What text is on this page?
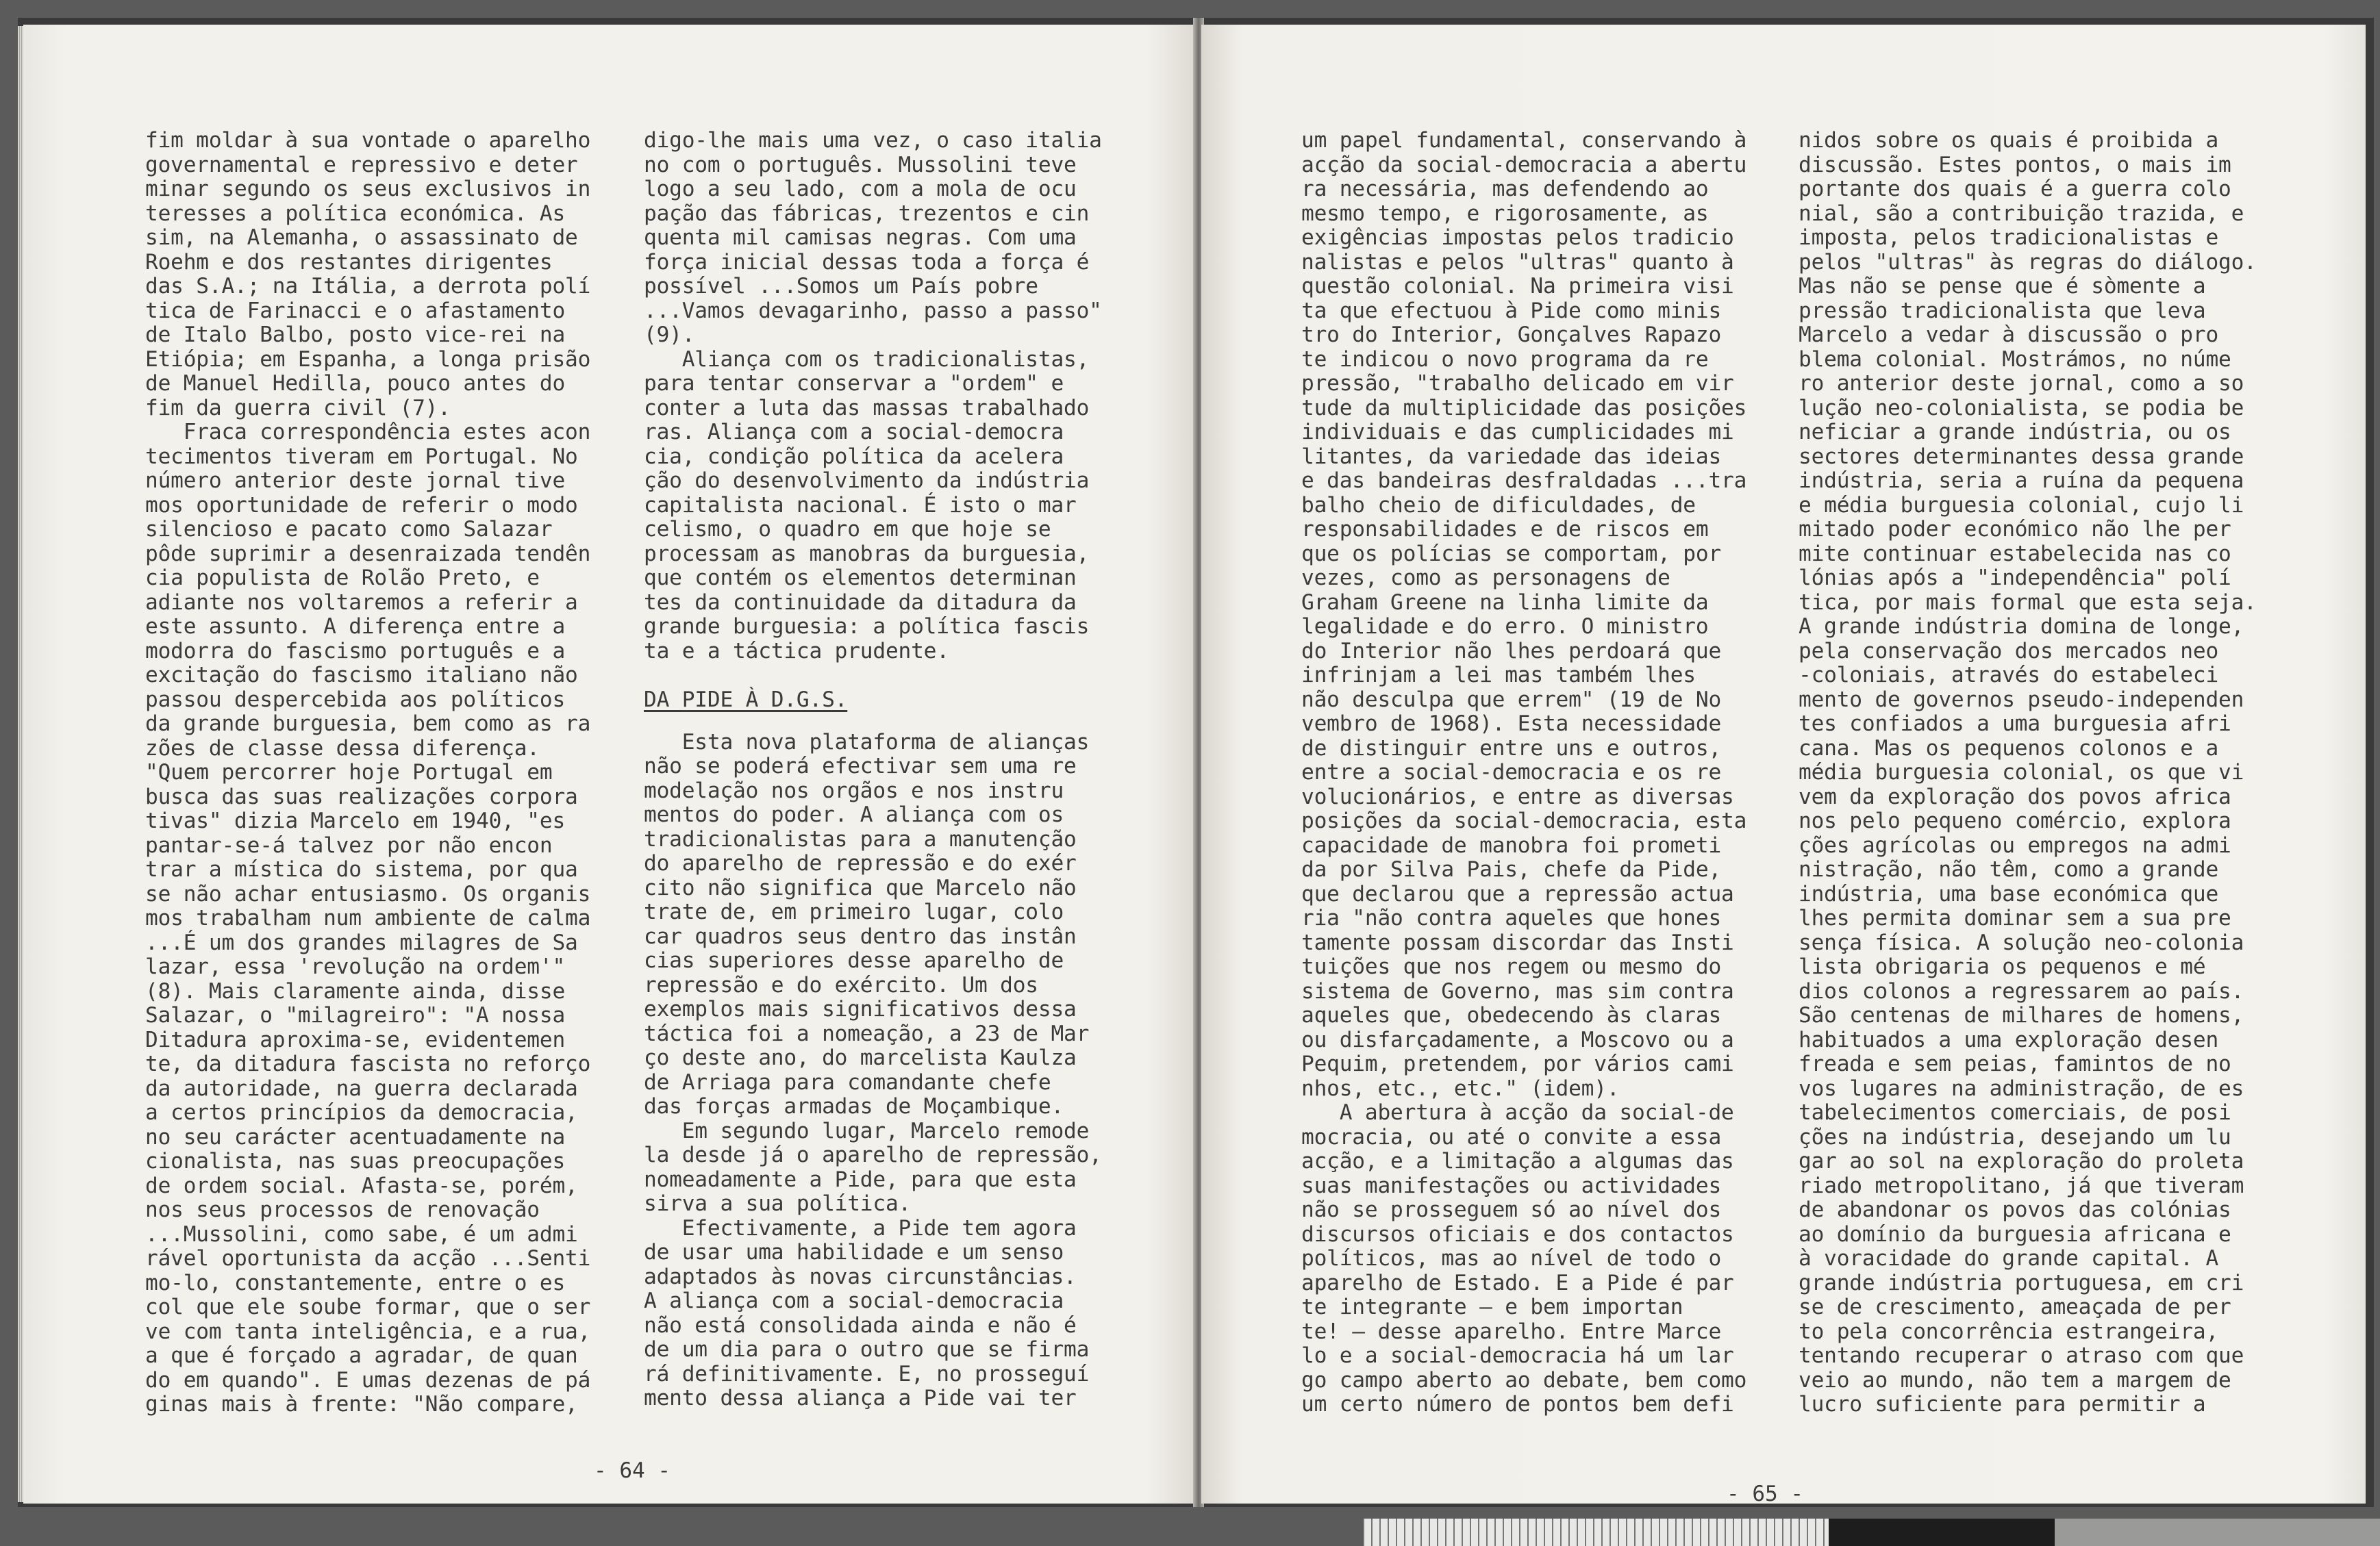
fim moldar à sua vontade o aparelho
governamental e repressivo e deter
minar segundo os seus exclusivos in
teresses a política económica. As
sim, na Alemanha, o assassinato de
Roehm e dos restantes dirigentes
das S.A.; na Itália, a derrota polí
tica de Farinacci e o afastamento
de Italo Balbo, posto vice-rei na
Etiópia; em Espanha, a longa prisão
de Manuel Hedilla, pouco antes do
fim da guerra civil (7).
Fraca correspondência estes acon
tecimentos tiveram em Portugal. No
número anterior deste jornal tive
mos oportunidade de referir o modo
silencioso e pacato como Salazar
pôde suprimir a desenraizada tendên
cia populista de Rolão Preto, e
adiante nos voltaremos a referir a
este assunto. A diferença entre a
modorra do fascismo português e a
excitação do fascismo italiano não
passou despercebida aos políticos
da grande burguesia, bem como as ra
zões de classe dessa diferença.
"Quem percorrer hoje Portugal em
busca das suas realizações corpora
tivas" dizia Marcelo em 1940, "es
pantar-se-á talvez por não encon
trar a mística do sistema, por qua
se não achar entusiasmo. Os organis
mos trabalham num ambiente de calma
...É um dos grandes milagres de Sa
lazar, essa 'revolução na ordem'"
(8). Mais claramente ainda, disse
Salazar, o "milagreiro": "A nossa
Ditadura aproxima-se, evidentemen
te, da ditadura fascista no reforço
da autoridade, na guerra declarada
a certos princípios da democracia,
no seu carácter acentuadamente na
cionalista, nas suas preocupações
de ordem social. Afasta-se, porém,
nos seus processos de renovação
...Mussolini, como sabe, é um admi
rável oportunista da acção ...Senti
mo-lo, constantemente, entre o es
col que ele soube formar, que o ser
ve com tanta inteligência, e a rua,
a que é forçado a agradar, de quan
do em quando". E umas dezenas de pá
ginas mais à frente: "Não compare,
digo-lhe mais uma vez, o caso italia
no com o português. Mussolini teve
logo a seu lado, com a mola de ocu
pação das fábricas, trezentos e cin
quenta mil camisas negras. Com uma
força inicial dessas toda a força é
possível ...Somos um País pobre
...Vamos devagarinho, passo a passo"
(9).
Aliança com os tradicionalistas,
para tentar conservar a "ordem" e
conter a luta das massas trabalhado
ras. Aliança com a social-democra
cia, condição política da acelera
ção do desenvolvimento da indústria
capitalista nacional. É isto o mar
celismo, o quadro em que hoje se
processam as manobras da burguesia,
que contém os elementos determinan
tes da continuidade da ditadura da
grande burguesia: a política fascis
ta e a táctica prudente.
DA PIDE À D.G.S.
Esta nova plataforma de alianças
não se poderá efectivar sem uma re
modelação nos orgãos e nos instru
mentos do poder. A aliança com os
tradicionalistas para a manutenção
do aparelho de repressão e do exér
cito não significa que Marcelo não
trate de, em primeiro lugar, colo
car quadros seus dentro das instân
cias superiores desse aparelho de
repressão e do exército. Um dos
exemplos mais significativos dessa
táctica foi a nomeação, a 23 de Mar
ço deste ano, do marcelista Kaulza
de Arriaga para comandante chefe
das forças armadas de Moçambique.
Em segundo lugar, Marcelo remode
la desde já o aparelho de repressão,
nomeadamente a Pide, para que esta
sirva a sua política.
Efectivamente, a Pide tem agora
de usar uma habilidade e um senso
adaptados às novas circunstâncias.
A aliança com a social-democracia
não está consolidada ainda e não é
de um dia para o outro que se firma
rá definitivamente. E, no prosseguí
mento dessa aliança a Pide vai ter
- 64 -
um papel fundamental, conservando à
acção da social-democracia a abertu
ra necessária, mas defendendo ao
mesmo tempo, e rigorosamente, as
exigências impostas pelos tradicio
nalistas e pelos "ultras" quanto à
questão colonial. Na primeira visi
ta que efectuou à Pide como minis
tro do Interior, Gonçalves Rapazo
te indicou o novo programa da re
pressão, "trabalho delicado em vir
tude da multiplicidade das posições
individuais e das cumplicidades mi
litantes, da variedade das ideias
e das bandeiras desfraldadas ...tra
balho cheio de dificuldades, de
responsabilidades e de riscos em
que os polícias se comportam, por
vezes, como as personagens de
Graham Greene na linha limite da
legalidade e do erro. O ministro
do Interior não lhes perdoará que
infrinjam a lei mas também lhes
não desculpa que errem" (19 de No
vembro de 1968). Esta necessidade
de distinguir entre uns e outros,
entre a social-democracia e os re
volucionários, e entre as diversas
posições da social-democracia, esta
capacidade de manobra foi prometi
da por Silva Pais, chefe da Pide,
que declarou que a repressão actua
ria "não contra aqueles que hones
tamente possam discordar das Insti
tuições que nos regem ou mesmo do
sistema de Governo, mas sim contra
aqueles que, obedecendo às claras
ou disfarçadamente, a Moscovo ou a
Pequim, pretendem, por vários cami
nhos, etc., etc." (idem).
A abertura à acção da social-de
mocracia, ou até o convite a essa
acção, e a limitação a algumas das
suas manifestações ou actividades
não se prosseguem só ao nível dos
discursos oficiais e dos contactos
políticos, mas ao nível de todo o
aparelho de Estado. E a Pide é par
te integrante — e bem importan
te! — desse aparelho. Entre Marce
lo e a social-democracia há um lar
go campo aberto ao debate, bem como
um certo número de pontos bem defi
nidos sobre os quais é proibida a
discussão. Estes pontos, o mais im
portante dos quais é a guerra colo
nial, são a contribuição trazida, e
imposta, pelos tradicionalistas e
pelos "ultras" às regras do diálogo.
Mas não se pense que é sòmente a
pressão tradicionalista que leva
Marcelo a vedar à discussão o pro
blema colonial. Mostrámos, no núme
ro anterior deste jornal, como a so
lução neo-colonialista, se podia be
neficiar a grande indústria, ou os
sectores determinantes dessa grande
indústria, seria a ruína da pequena
e média burguesia colonial, cujo li
mitado poder económico não lhe per
mite continuar estabelecida nas co
lónias após a "independência" polí
tica, por mais formal que esta seja.
A grande indústria domina de longe,
pela conservação dos mercados neo
-coloniais, através do estabeleci
mento de governos pseudo-independen
tes confiados a uma burguesia afri
cana. Mas os pequenos colonos e a
média burguesia colonial, os que vi
vem da exploração dos povos africa
nos pelo pequeno comércio, explora
ções agrícolas ou empregos na admi
nistração, não têm, como a grande
indústria, uma base económica que
lhes permita dominar sem a sua pre
sença física. A solução neo-colonia
lista obrigaria os pequenos e mé
dios colonos a regressarem ao país.
São centenas de milhares de homens,
habituados a uma exploração desen
freada e sem peias, famintos de no
vos lugares na administração, de es
tabelecimentos comerciais, de posi
ções na indústria, desejando um lu
gar ao sol na exploração do proleta
riado metropolitano, já que tiveram
de abandonar os povos das colónias
ao domínio da burguesia africana e
à voracidade do grande capital. A
grande indústria portuguesa, em cri
se de crescimento, ameaçada de per
to pela concorrência estrangeira,
tentando recuperar o atraso com que
veio ao mundo, não tem a margem de
lucro suficiente para permitir a
- 65 -
